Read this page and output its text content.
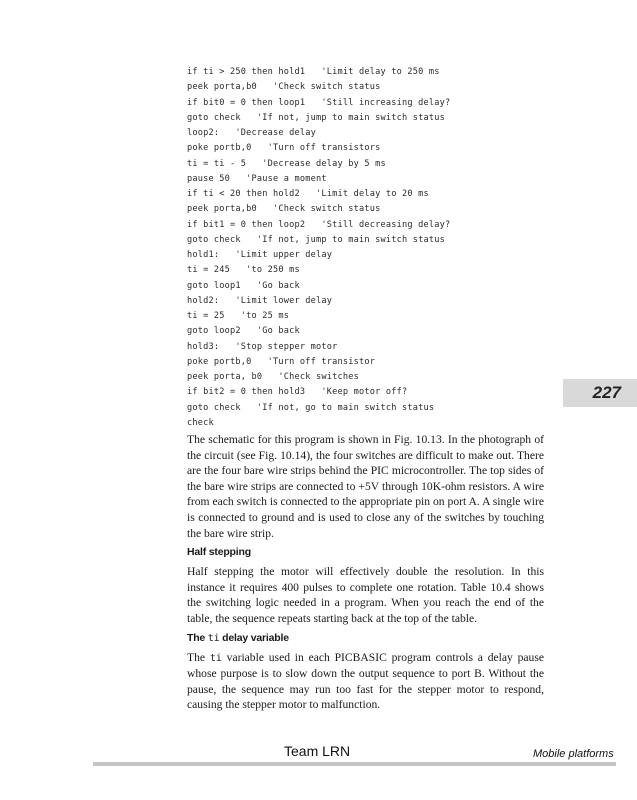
if ti > 250 then hold1   'Limit delay to 250 ms
peek porta,b0   'Check switch status
if bit0 = 0 then loop1   'Still increasing delay?
goto check   'If not, jump to main switch status
loop2:   'Decrease delay
poke portb,0   'Turn off transistors
ti = ti - 5   'Decrease delay by 5 ms
pause 50   'Pause a moment
if ti < 20 then hold2   'Limit delay to 20 ms
peek porta,b0   'Check switch status
if bit1 = 0 then loop2   'Still decreasing delay?
goto check   'If not, jump to main switch status
hold1:   'Limit upper delay
ti = 245   'to 250 ms
goto loop1   'Go back
hold2:   'Limit lower delay
ti = 25   'to 25 ms
goto loop2   'Go back
hold3:   'Stop stepper motor
poke portb,0   'Turn off transistor
peek porta, b0   'Check switches
if bit2 = 0 then hold3   'Keep motor off?
goto check   'If not, go to main switch status
check

The schematic for this program is shown in Fig. 10.13. In the photograph of the circuit (see Fig. 10.14), the four switches are difficult to make out. There are the four bare wire strips behind the PIC microcontroller. The top sides of the bare wire strips are connected to +5V through 10K-ohm resistors. A wire from each switch is connected to the appropriate pin on port A. A single wire is connected to ground and is used to close any of the switches by touching the bare wire strip.

Half stepping

Half stepping the motor will effectively double the resolution. In this instance it requires 400 pulses to complete one rotation. Table 10.4 shows the switching logic needed in a program. When you reach the end of the table, the sequence repeats starting back at the top of the table.

The ti delay variable

The ti variable used in each PICBASIC program controls a delay pause whose purpose is to slow down the output sequence to port B. Without the pause, the sequence may run too fast for the stepper motor to respond, causing the stepper motor to malfunction.

227
Team LRN	Mobile platforms
